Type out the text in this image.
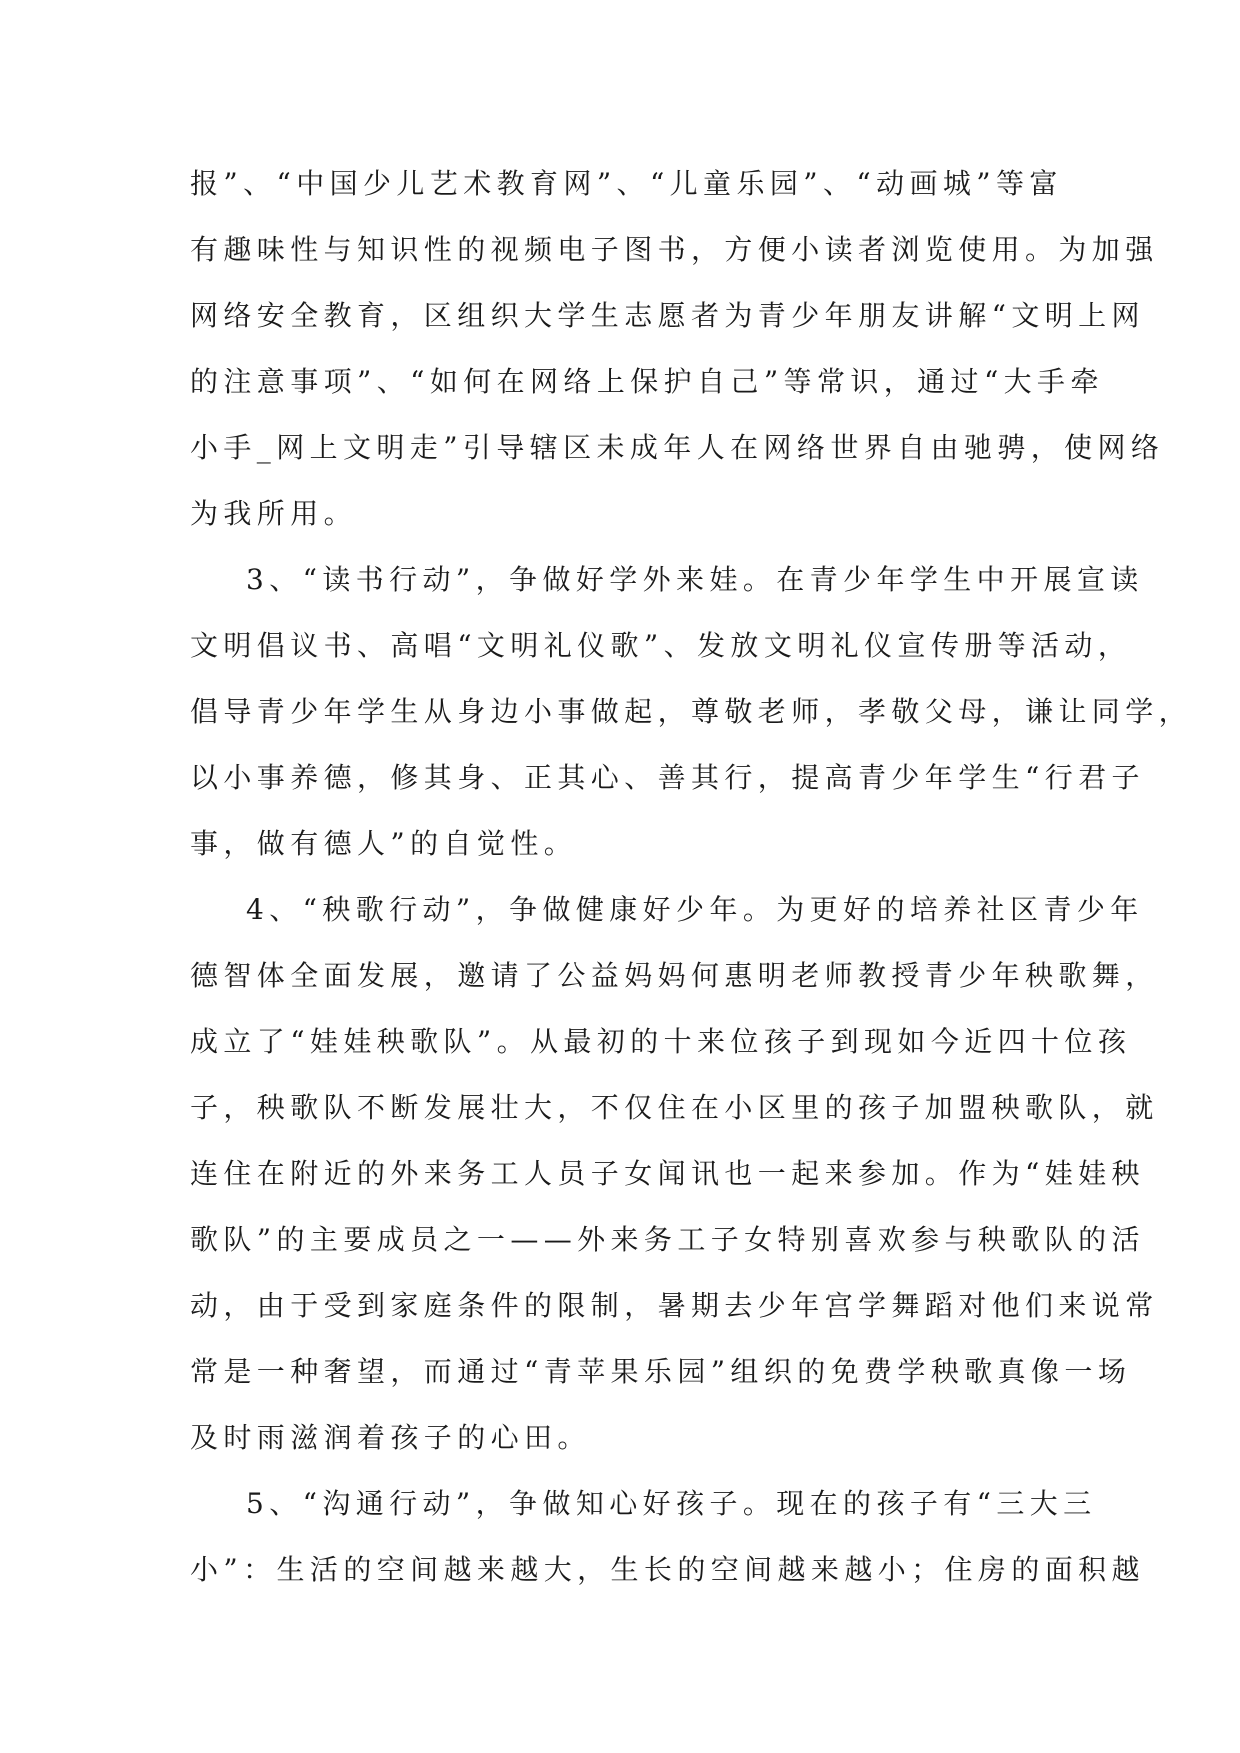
报”、“中国少儿艺术教育网”、“儿童乐园”、“动画城”等富
有趣味性与知识性的视频电子图书，方便小读者浏览使用。为加强
网络安全教育，区组织大学生志愿者为青少年朋友讲解“文明上网
的注意事项”、“如何在网络上保护自己”等常识，通过“大手牵
小手_网上文明走”引导辖区未成年人在网络世界自由驰骋，使网络
为我所用。
3、“读书行动”，争做好学外来娃。在青少年学生中开展宣读
文明倡议书、高唱“文明礼仪歌”、发放文明礼仪宣传册等活动，
倡导青少年学生从身边小事做起，尊敬老师，孝敬父母，谦让同学，
以小事养德，修其身、正其心、善其行，提高青少年学生“行君子
事，做有德人”的自觉性。
4、“秧歌行动”，争做健康好少年。为更好的培养社区青少年
德智体全面发展，邀请了公益妈妈何惠明老师教授青少年秧歌舞，
成立了“娃娃秧歌队”。从最初的十来位孩子到现如今近四十位孩
子，秧歌队不断发展壮大，不仅住在小区里的孩子加盟秧歌队，就
连住在附近的外来务工人员子女闻讯也一起来参加。作为“娃娃秧
歌队”的主要成员之一——外来务工子女特别喜欢参与秧歌队的活
动，由于受到家庭条件的限制，暑期去少年宫学舞蹈对他们来说常
常是一种奢望，而通过“青苹果乐园”组织的免费学秧歌真像一场
及时雨滋润着孩子的心田。
5、“沟通行动”，争做知心好孩子。现在的孩子有“三大三
小”：生活的空间越来越大，生长的空间越来越小；住房的面积越
